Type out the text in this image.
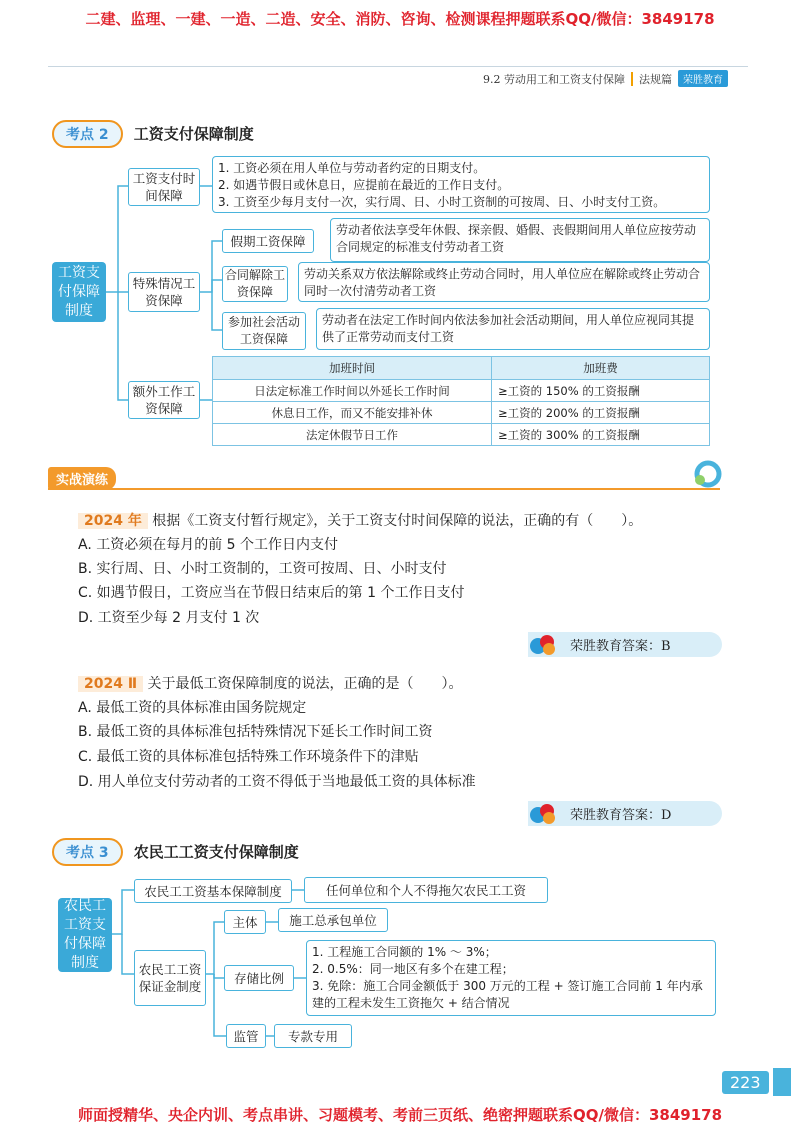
二建、监理、一建、一造、二造、安全、消防、咨询、检测课程押题联系QQ/微信：3849178
9.2 劳动用工和工资支付保障 法规篇	荣胜教育
考点 2 工资支付保障制度
工资支付保障制度
工资支付时间保障
1. 工资必须在用人单位与劳动者约定的日期支付。
2. 如遇节假日或休息日，应提前在最近的工作日支付。
3. 工资至少每月支付一次，实行周、日、小时工资制的可按周、日、小时支付工资。
特殊情况工资保障
假期工资保障
劳动者依法享受年休假、探亲假、婚假、丧假期间用人单位应按劳动合同规定的标准支付劳动者工资
合同解除工资保障
劳动关系双方依法解除或终止劳动合同时，用人单位应在解除或终止劳动合同时一次付清劳动者工资
参加社会活动工资保障
劳动者在法定工作时间内依法参加社会活动期间，用人单位应视同其提供了正常劳动而支付工资
额外工作工资保障
加班时间	加班费
日法定标准工作时间以外延长工作时间	≥工资的 150% 的工资报酬
休息日工作，而又不能安排补休	≥工资的 200% 的工资报酬
法定休假节日工作	≥工资的 300% 的工资报酬
实战演练
2024 年 根据《工资支付暂行规定》，关于工资支付时间保障的说法，正确的有（　　）。
A. 工资必须在每月的前 5 个工作日内支付
B. 实行周、日、小时工资制的，工资可按周、日、小时支付
C. 如遇节假日，工资应当在节假日结束后的第 1 个工作日支付
D. 工资至少每 2 月支付 1 次
荣胜教育答案：B
2024 Ⅱ 关于最低工资保障制度的说法，正确的是（　　）。
A. 最低工资的具体标准由国务院规定
B. 最低工资的具体标准包括特殊情况下延长工作时间工资
C. 最低工资的具体标准包括特殊工作环境条件下的津贴
D. 用人单位支付劳动者的工资不得低于当地最低工资的具体标准
荣胜教育答案：D
考点 3 农民工工资支付保障制度
农民工工资支付保障制度
农民工工资基本保障制度	任何单位和个人不得拖欠农民工工资
农民工工资保证金制度
主体	施工总承包单位
存储比例
1. 工程施工合同额的 1% ～ 3%；
2. 0.5%：同一地区有多个在建工程；
3. 免除：施工合同金额低于 300 万元的工程 + 签订施工合同前 1 年内承建的工程未发生工资拖欠 + 结合情况
监管	专款专用
223
师面授精华、央企内训、考点串讲、习题模考、考前三页纸、绝密押题联系QQ/微信：3849178
